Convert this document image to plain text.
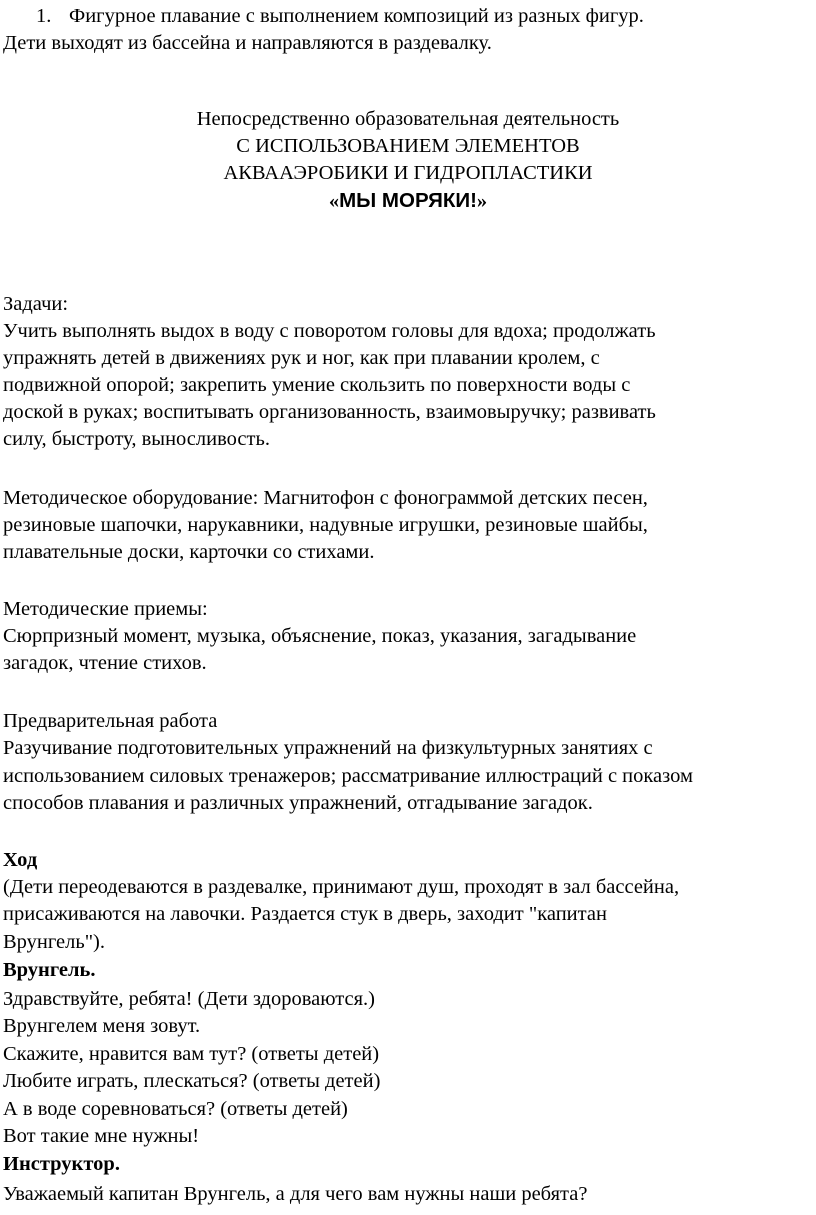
1. Фигурное плавание с выполнением композиций из разных фигур.
Дети выходят из бассейна и направляются в раздевалку.
Непосредственно образовательная деятельность
С ИСПОЛЬЗОВАНИЕМ ЭЛЕМЕНТОВ
АКВААЭРОБИКИ И ГИДРОПЛАСТИКИ
«МЫ МОРЯКИ!»
Задачи:
Учить выполнять выдох в воду с поворотом головы для вдоха; продолжать
упражнять детей в движениях рук и ног, как при плавании кролем, с
подвижной опорой; закрепить умение скользить по поверхности воды с
доской в руках; воспитывать организованность, взаимовыручку; развивать
силу, быстроту, выносливость.
Методическое оборудование: Магнитофон с фонограммой детских песен,
резиновые шапочки, нарукавники, надувные игрушки, резиновые шайбы,
плавательные доски, карточки со стихами.
Методические приемы:
Сюрпризный момент, музыка, объяснение, показ, указания, загадывание
загадок, чтение стихов.
Предварительная работа
Разучивание подготовительных упражнений на физкультурных занятиях с
использованием силовых тренажеров; рассматривание иллюстраций с показом
способов плавания и различных упражнений, отгадывание загадок.
Ход
(Дети переодеваются в раздевалке, принимают душ, проходят в зал бассейна,
присаживаются на лавочки. Раздается стук в дверь, заходит "капитан
Врунгель").
Врунгель.
Здравствуйте, ребята! (Дети здороваются.)
Врунгелем меня зовут.
Скажите, нравится вам тут? (ответы детей)
Любите играть, плескаться? (ответы детей)
А в воде соревноваться? (ответы детей)
Вот такие мне нужны!
Инструктор.
Уважаемый капитан Врунгель, а для чего вам нужны наши ребята?
